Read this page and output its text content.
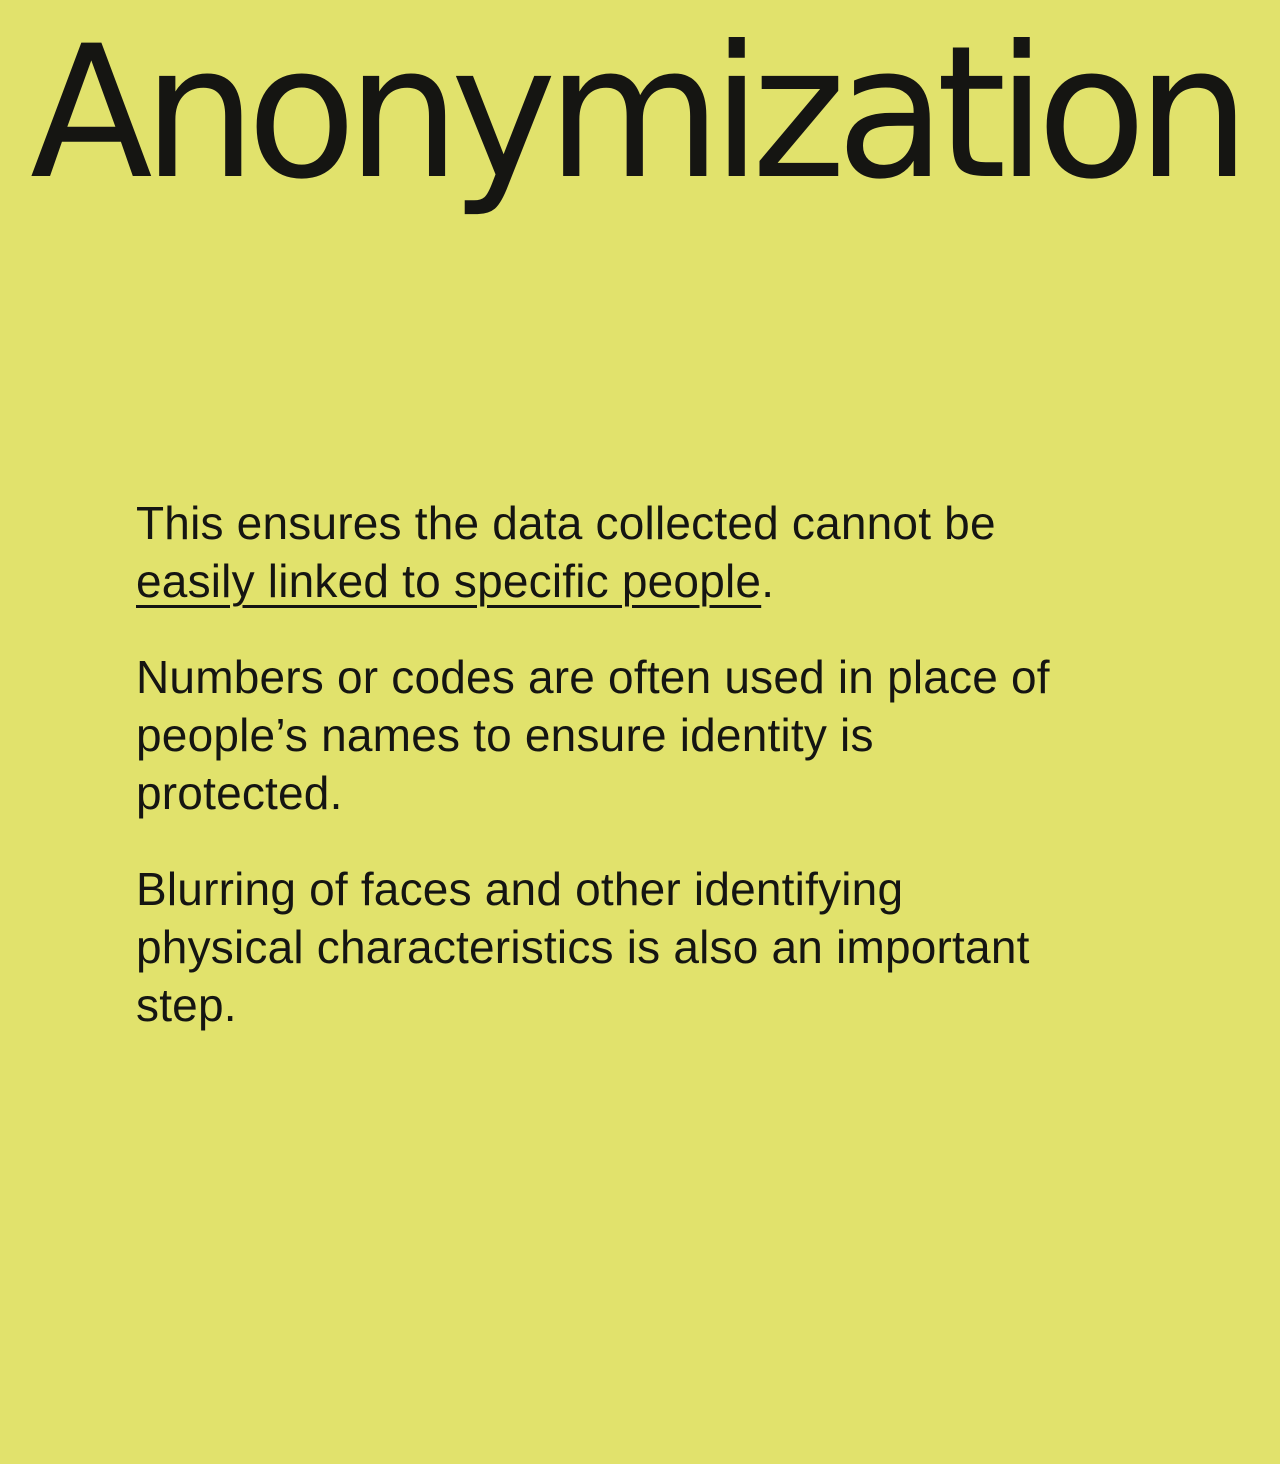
Anonymization

This ensures the data collected cannot be easily linked to specific people.

Numbers or codes are often used in place of people’s names to ensure identity is protected.

Blurring of faces and other identifying physical characteristics is also an important step.
